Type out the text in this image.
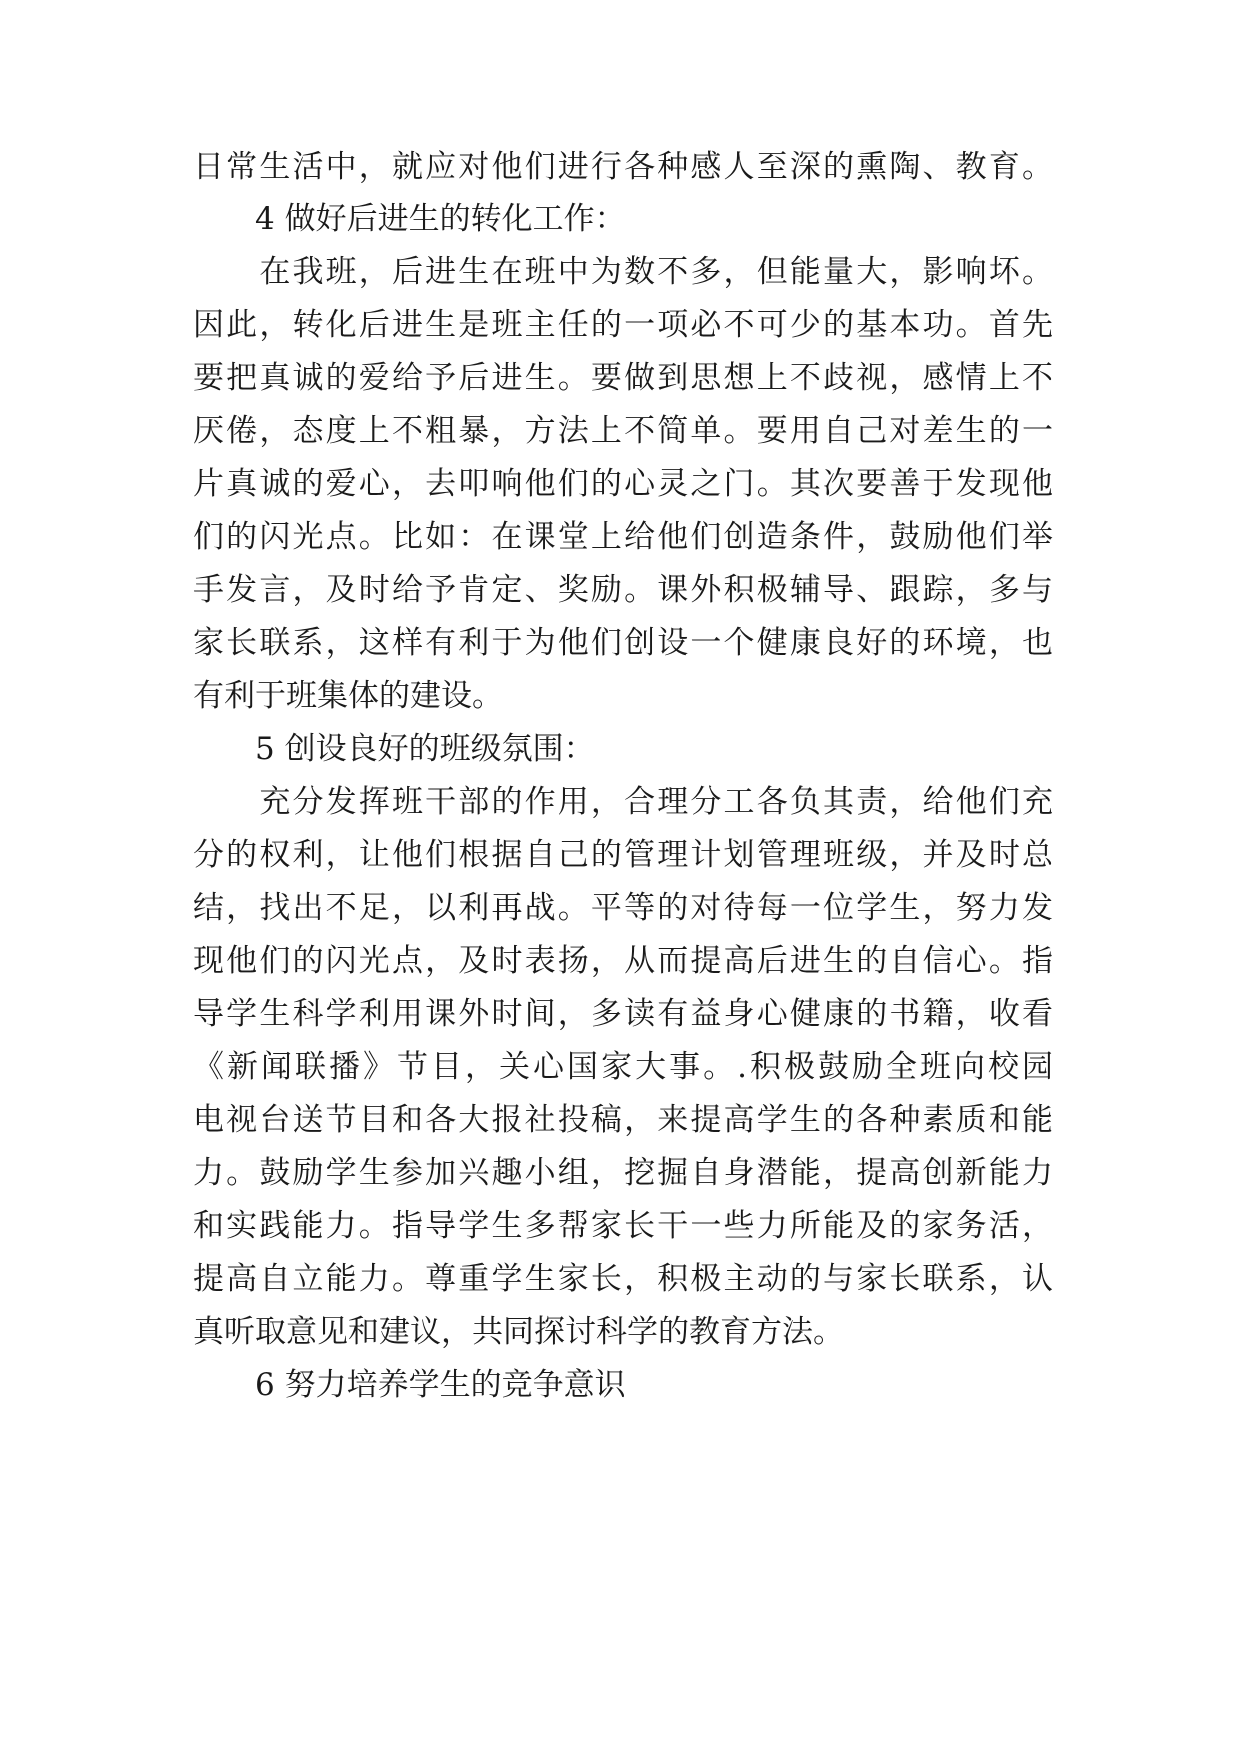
日常生活中，就应对他们进行各种感人至深的熏陶、教育。
　　4 做好后进生的转化工作：
　　在我班，后进生在班中为数不多，但能量大，影响坏。
因此，转化后进生是班主任的一项必不可少的基本功。首先
要把真诚的爱给予后进生。要做到思想上不歧视，感情上不
厌倦，态度上不粗暴，方法上不简单。要用自己对差生的一
片真诚的爱心，去叩响他们的心灵之门。其次要善于发现他
们的闪光点。比如：在课堂上给他们创造条件，鼓励他们举
手发言，及时给予肯定、奖励。课外积极辅导、跟踪，多与
家长联系，这样有利于为他们创设一个健康良好的环境，也
有利于班集体的建设。
　　5 创设良好的班级氛围：
　　充分发挥班干部的作用，合理分工各负其责，给他们充
分的权利，让他们根据自己的管理计划管理班级，并及时总
结，找出不足，以利再战。平等的对待每一位学生，努力发
现他们的闪光点，及时表扬，从而提高后进生的自信心。指
导学生科学利用课外时间，多读有益身心健康的书籍，收看
《新闻联播》节目，关心国家大事。.积极鼓励全班向校园
电视台送节目和各大报社投稿，来提高学生的各种素质和能
力。鼓励学生参加兴趣小组，挖掘自身潜能，提高创新能力
和实践能力。指导学生多帮家长干一些力所能及的家务活，
提高自立能力。尊重学生家长，积极主动的与家长联系，认
真听取意见和建议，共同探讨科学的教育方法。
　　6 努力培养学生的竞争意识
